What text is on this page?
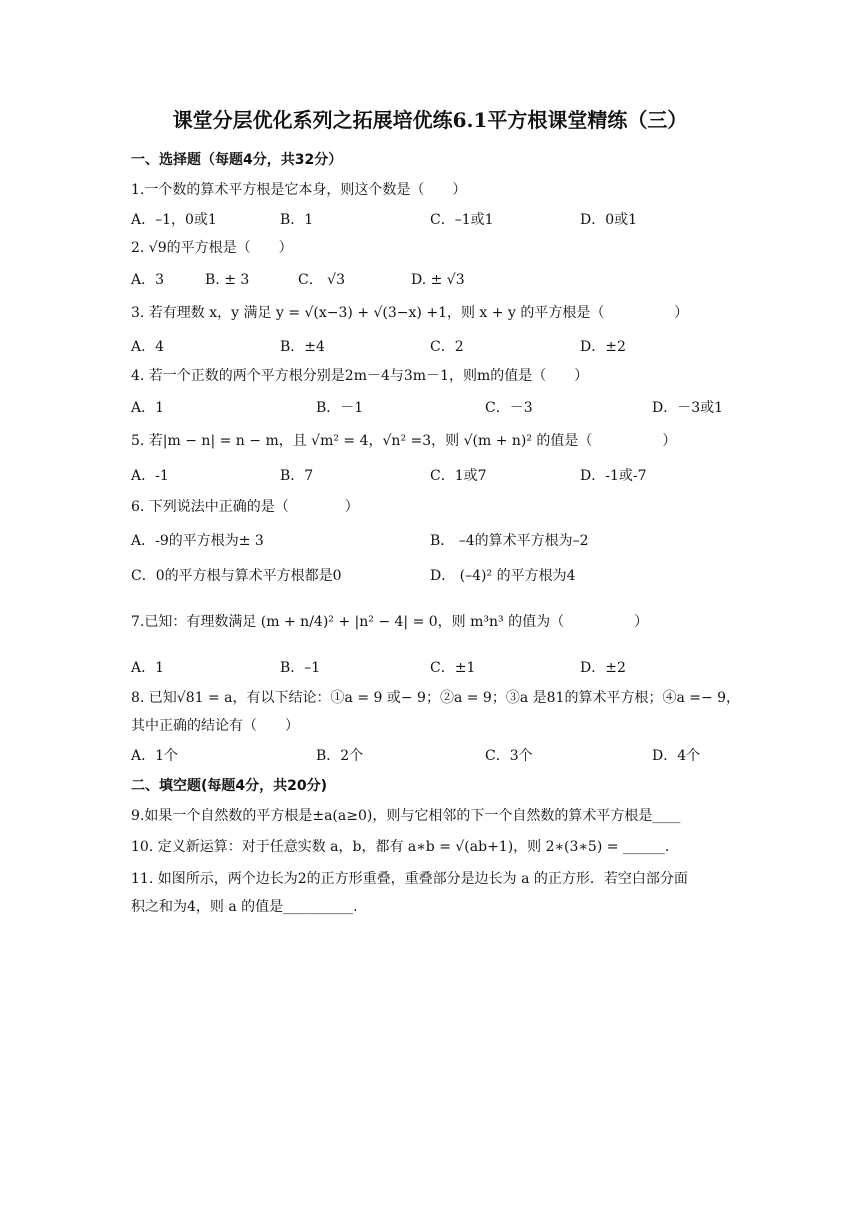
课堂分层优化系列之拓展培优练6.1平方根课堂精练（三）
一、选择题（每题4分，共32分）
1.一个数的算术平方根是它本身，则这个数是（　　）
A．–1，0或1	B．1	C．–1或1	D．0或1
2. √9的平方根是（　　）
A．3	B. ± 3	C． √3	D. ± √3
3. 若有理数 x，y 满足 y = √(x−3) + √(3−x) +1，则 x + y 的平方根是（　　　　　）
A．4	B．±4	C．2	D．±2
4. 若一个正数的两个平方根分别是2m－4与3m－1，则m的值是（　　）
A．1	B．－1	C．－3	D．－3或1
5. 若|m − n| = n − m，且 √m² = 4，√n² =3，则 √(m + n)² 的值是（　　　　　）
A．-1	B．7	C．1或7	D．-1或-7
6. 下列说法中正确的是（　　　　）
A．-9的平方根为± 3	B． –4的算术平方根为–2
C．0的平方根与算术平方根都是0	D． (–4)² 的平方根为4
7.已知：有理数满足 (m + n/4)² + |n² − 4| = 0，则 m³n³ 的值为（　　　　　）
A．1	B．–1	C．±1	D．±2
8. 已知√81 = a，有以下结论：①a = 9 或− 9；②a = 9；③a 是81的算术平方根；④a =− 9，
其中正确的结论有（　　）
A．1个	B．2个	C．3个	D．4个
二、填空题(每题4分，共20分)
9.如果一个自然数的平方根是±a(a≥0)，则与它相邻的下一个自然数的算术平方根是____
10. 定义新运算：对于任意实数 a，b，都有 a∗b = √(ab+1)，则 2∗(3∗5) = ______.
11. 如图所示，两个边长为2的正方形重叠，重叠部分是边长为 a 的正方形．若空白部分面
积之和为4，则 a 的值是__________.
